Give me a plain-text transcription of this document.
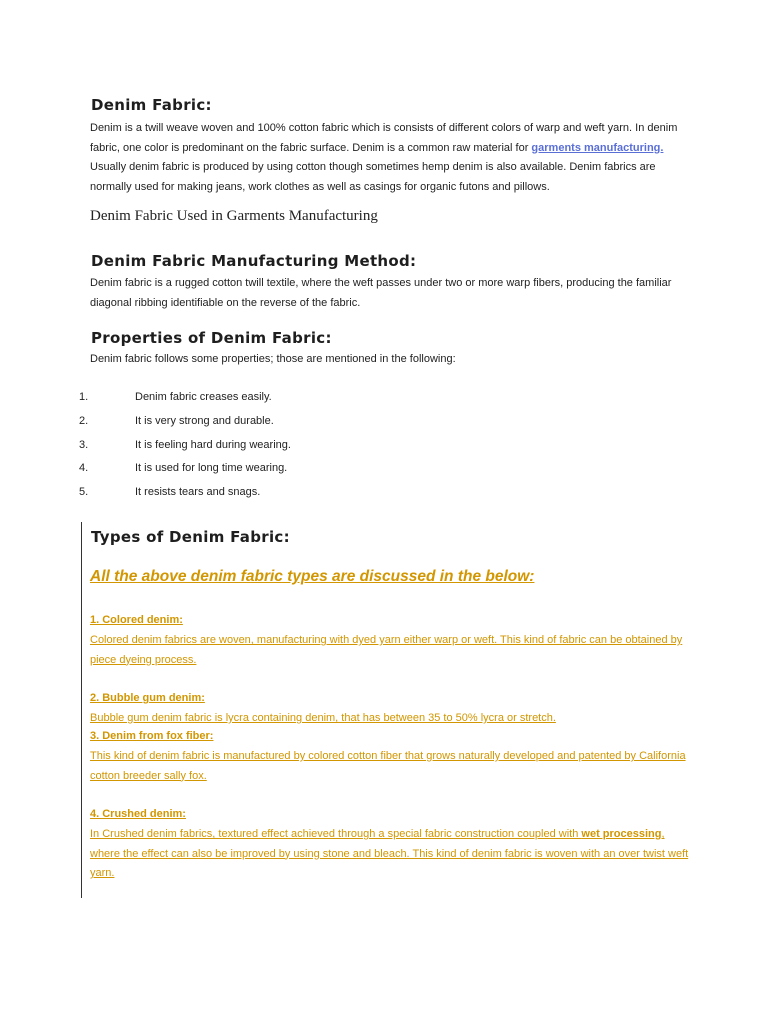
Denim Fabric:

Denim is a twill weave woven and 100% cotton fabric which is consists of different colors of warp and weft yarn. In denim fabric, one color is predominant on the fabric surface. Denim is a common raw material for garments manufacturing. Usually denim fabric is produced by using cotton though sometimes hemp denim is also available. Denim fabrics are normally used for making jeans, work clothes as well as casings for organic futons and pillows.

Denim Fabric Used in Garments Manufacturing

Denim Fabric Manufacturing Method:

Denim fabric is a rugged cotton twill textile, where the weft passes under two or more warp fibers, producing the familiar diagonal ribbing identifiable on the reverse of the fabric.

Properties of Denim Fabric:

Denim fabric follows some properties; those are mentioned in the following:

1.	Denim fabric creases easily.
2.	It is very strong and durable.
3.	It is feeling hard during wearing.
4.	It is used for long time wearing.
5.	It resists tears and snags.
Types of Denim Fabric:
All the above denim fabric types are discussed in the below:

1. Colored denim:

Colored denim fabrics are woven, manufacturing with dyed yarn either warp or weft. This kind of fabric can be obtained by piece dyeing process.

2. Bubble gum denim:

Bubble gum denim fabric is lycra containing denim, that has between 35 to 50% lycra or stretch.

3. Denim from fox fiber:

This kind of denim fabric is manufactured by colored cotton fiber that grows naturally developed and patented by California cotton breeder sally fox.

4. Crushed denim:

In Crushed denim fabrics, textured effect achieved through a special fabric construction coupled with wet processing, where the effect can also be improved by using stone and bleach. This kind of denim fabric is woven with an over twist weft yarn.
